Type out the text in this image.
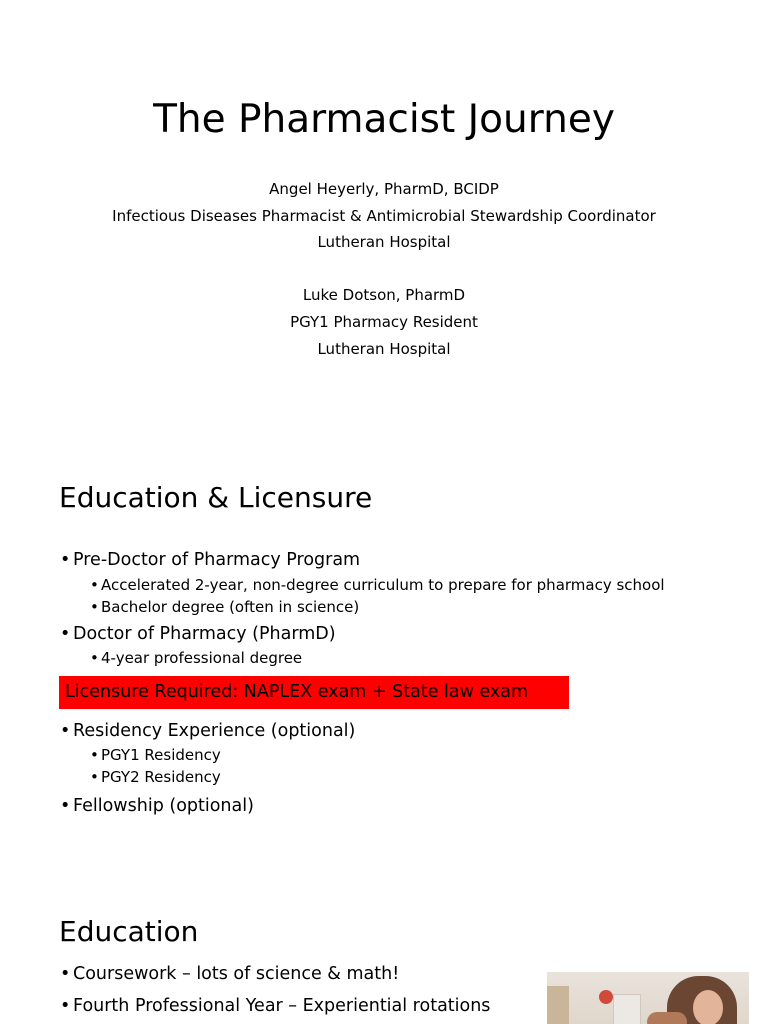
The Pharmacist Journey
Angel Heyerly, PharmD, BCIDP
Infectious Diseases Pharmacist & Antimicrobial Stewardship Coordinator
Lutheran Hospital
Luke Dotson, PharmD
PGY1 Pharmacy Resident
Lutheran Hospital
Education & Licensure
• Pre-Doctor of Pharmacy Program
• Accelerated 2-year, non-degree curriculum to prepare for pharmacy school
• Bachelor degree (often in science)
• Doctor of Pharmacy (PharmD)
• 4-year professional degree
Licensure Required: NAPLEX exam + State law exam
• Residency Experience (optional)
• PGY1 Residency
• PGY2 Residency
• Fellowship (optional)
Education
• Coursework – lots of science & math!
• Fourth Professional Year – Experiential rotations
